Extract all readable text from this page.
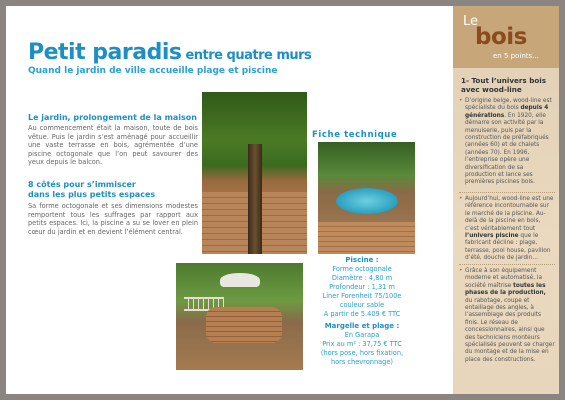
Petit paradis entre quatre murs
Quand le jardin de ville accueille plage et piscine
Le jardin, prolongement de la maison
Au commencement était la maison, toute de bois vêtue. Puis le jardin s’est aménagé pour accueillir une vaste terrasse en bois, agrémentée d’une piscine octogonale que l’on peut savourer des yeux depuis le balcon.
8 côtés pour s’immiscer
dans les plus petits espaces
Sa forme octogonale et ses dimensions modestes remportent tous les suffrages par rapport aux petits espaces. Ici, la piscine a su se lover en plein cœur du jardin et en devient l’élément central.
Fiche technique
Piscine :
Forme octogonale
Diamètre : 4,80 m
Profondeur : 1,31 m
Liner Forenheit 75/100e
couleur sable
A partir de 5.409 € TTC
Margelle et plage :
En Garapa
Prix au m² : 37,75 € TTC
(hors pose, hors fixation,
hors chevronnage)
Le
bois
en 5 points...
1- Tout l’univers bois avec wood-line
• D’origine belge, wood-line est spécialiste du bois depuis 4 générations. En 1920, elle démarre son activité par la menuiserie, puis par la construction de préfabriqués (années 60) et de chalets (années 70). En 1996, l’entreprise opère une diversification de sa production et lance ses premières piscines bois.
• Aujourd’hui, wood-line est une référence incontournable sur le marché de la piscine. Au-delà de la piscine en bois, c’est véritablement tout l’univers piscine que le fabricant décline : plage, terrasse, pool house, pavillon d’été, douche de jardin…
• Grâce à son équipement moderne et automatisé, la société maîtrise toutes les phases de la production, du rabotage, coupe et entaillage des angles, à l’assemblage des produits finis. Le réseau de concessionnaires, ainsi que des techniciens monteurs spécialisés peuvent se charger du montage et de la mise en place des constructions.
